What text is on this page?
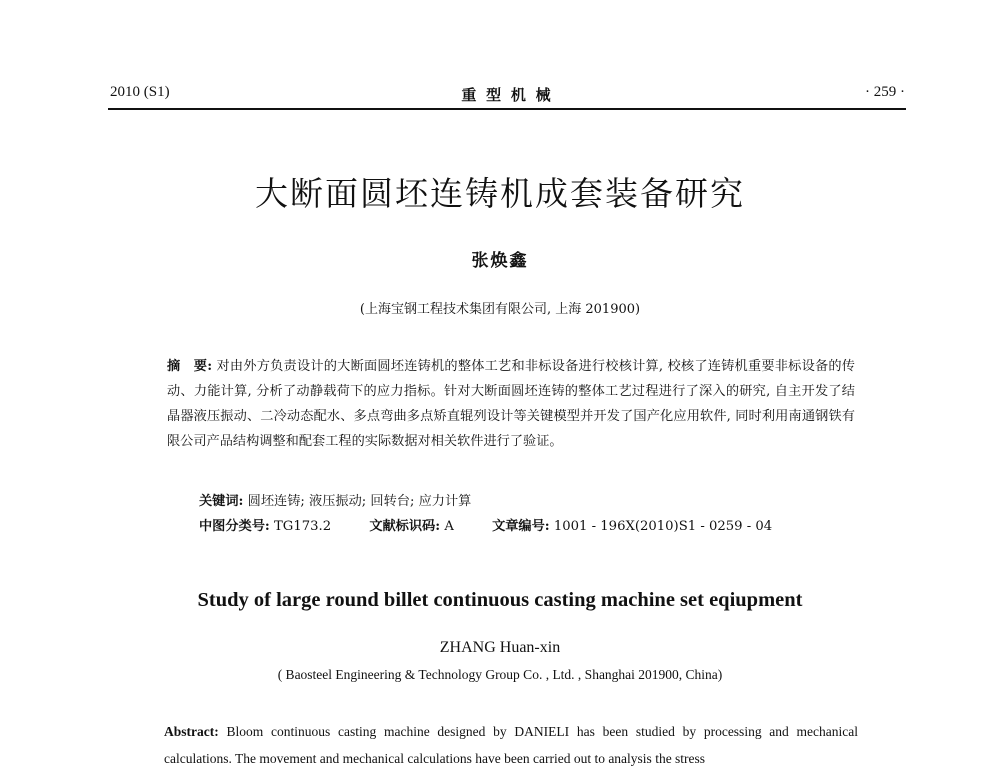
2010 (S1)	重 型 机 械	· 259 ·
大断面圆坯连铸机成套装备研究
张焕鑫
(上海宝钢工程技术集团有限公司, 上海 201900)
摘　要: 对由外方负责设计的大断面圆坯连铸机的整体工艺和非标设备进行校核计算, 校核了连铸机重要非标设备的传动、力能计算, 分析了动静载荷下的应力指标。针对大断面圆坯连铸的整体工艺过程进行了深入的研究, 自主开发了结晶器液压振动、二冷动态配水、多点弯曲多点矫直辊列设计等关键模型并开发了国产化应用软件, 同时利用南通钢铁有限公司产品结构调整和配套工程的实际数据对相关软件进行了验证。
关键词: 圆坯连铸; 液压振动; 回转台; 应力计算
中图分类号: TG173.2	文献标识码: A	文章编号: 1001 - 196X(2010)S1 - 0259 - 04
Study of large round billet continuous casting machine set eqiupment
ZHANG Huan-xin
( Baosteel Engineering & Technology Group Co. , Ltd. , Shanghai 201900, China)
Abstract: Bloom continuous casting machine designed by DANIELI has been studied by processing and mechanical calculations. The movement and mechanical calculations have been carried out to analysis the stress
